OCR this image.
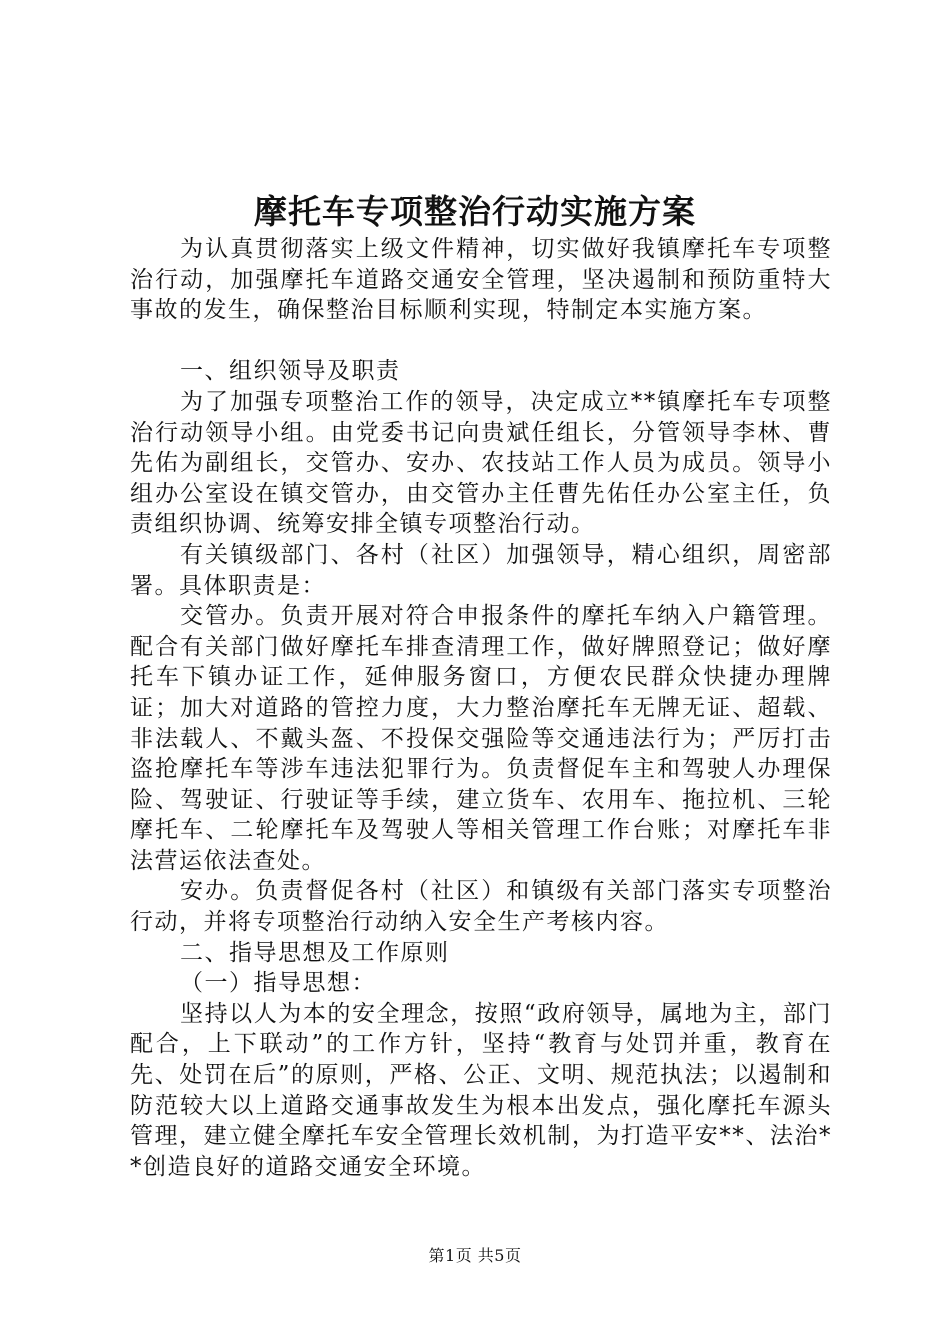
摩托车专项整治行动实施方案

为认真贯彻落实上级文件精神，切实做好我镇摩托车专项整治行动，加强摩托车道路交通安全管理，坚决遏制和预防重特大事故的发生，确保整治目标顺利实现，特制定本实施方案。

一、组织领导及职责

为了加强专项整治工作的领导，决定成立**镇摩托车专项整治行动领导小组。由党委书记向贵斌任组长，分管领导李林、曹先佑为副组长，交管办、安办、农技站工作人员为成员。领导小组办公室设在镇交管办，由交管办主任曹先佑任办公室主任，负责组织协调、统筹安排全镇专项整治行动。

有关镇级部门、各村（社区）加强领导，精心组织，周密部署。具体职责是：

交管办。负责开展对符合申报条件的摩托车纳入户籍管理。配合有关部门做好摩托车排查清理工作，做好牌照登记；做好摩托车下镇办证工作，延伸服务窗口，方便农民群众快捷办理牌证；加大对道路的管控力度，大力整治摩托车无牌无证、超载、非法载人、不戴头盔、不投保交强险等交通违法行为；严厉打击盗抢摩托车等涉车违法犯罪行为。负责督促车主和驾驶人办理保险、驾驶证、行驶证等手续，建立货车、农用车、拖拉机、三轮摩托车、二轮摩托车及驾驶人等相关管理工作台账；对摩托车非法营运依法查处。

安办。负责督促各村（社区）和镇级有关部门落实专项整治行动，并将专项整治行动纳入安全生产考核内容。

二、指导思想及工作原则

（一）指导思想：

坚持以人为本的安全理念，按照“政府领导，属地为主，部门配合，上下联动”的工作方针，坚持“教育与处罚并重，教育在先、处罚在后”的原则，严格、公正、文明、规范执法；以遏制和防范较大以上道路交通事故发生为根本出发点，强化摩托车源头管理，建立健全摩托车安全管理长效机制，为打造平安**、法治**创造良好的道路交通安全环境。

第1页 共5页
